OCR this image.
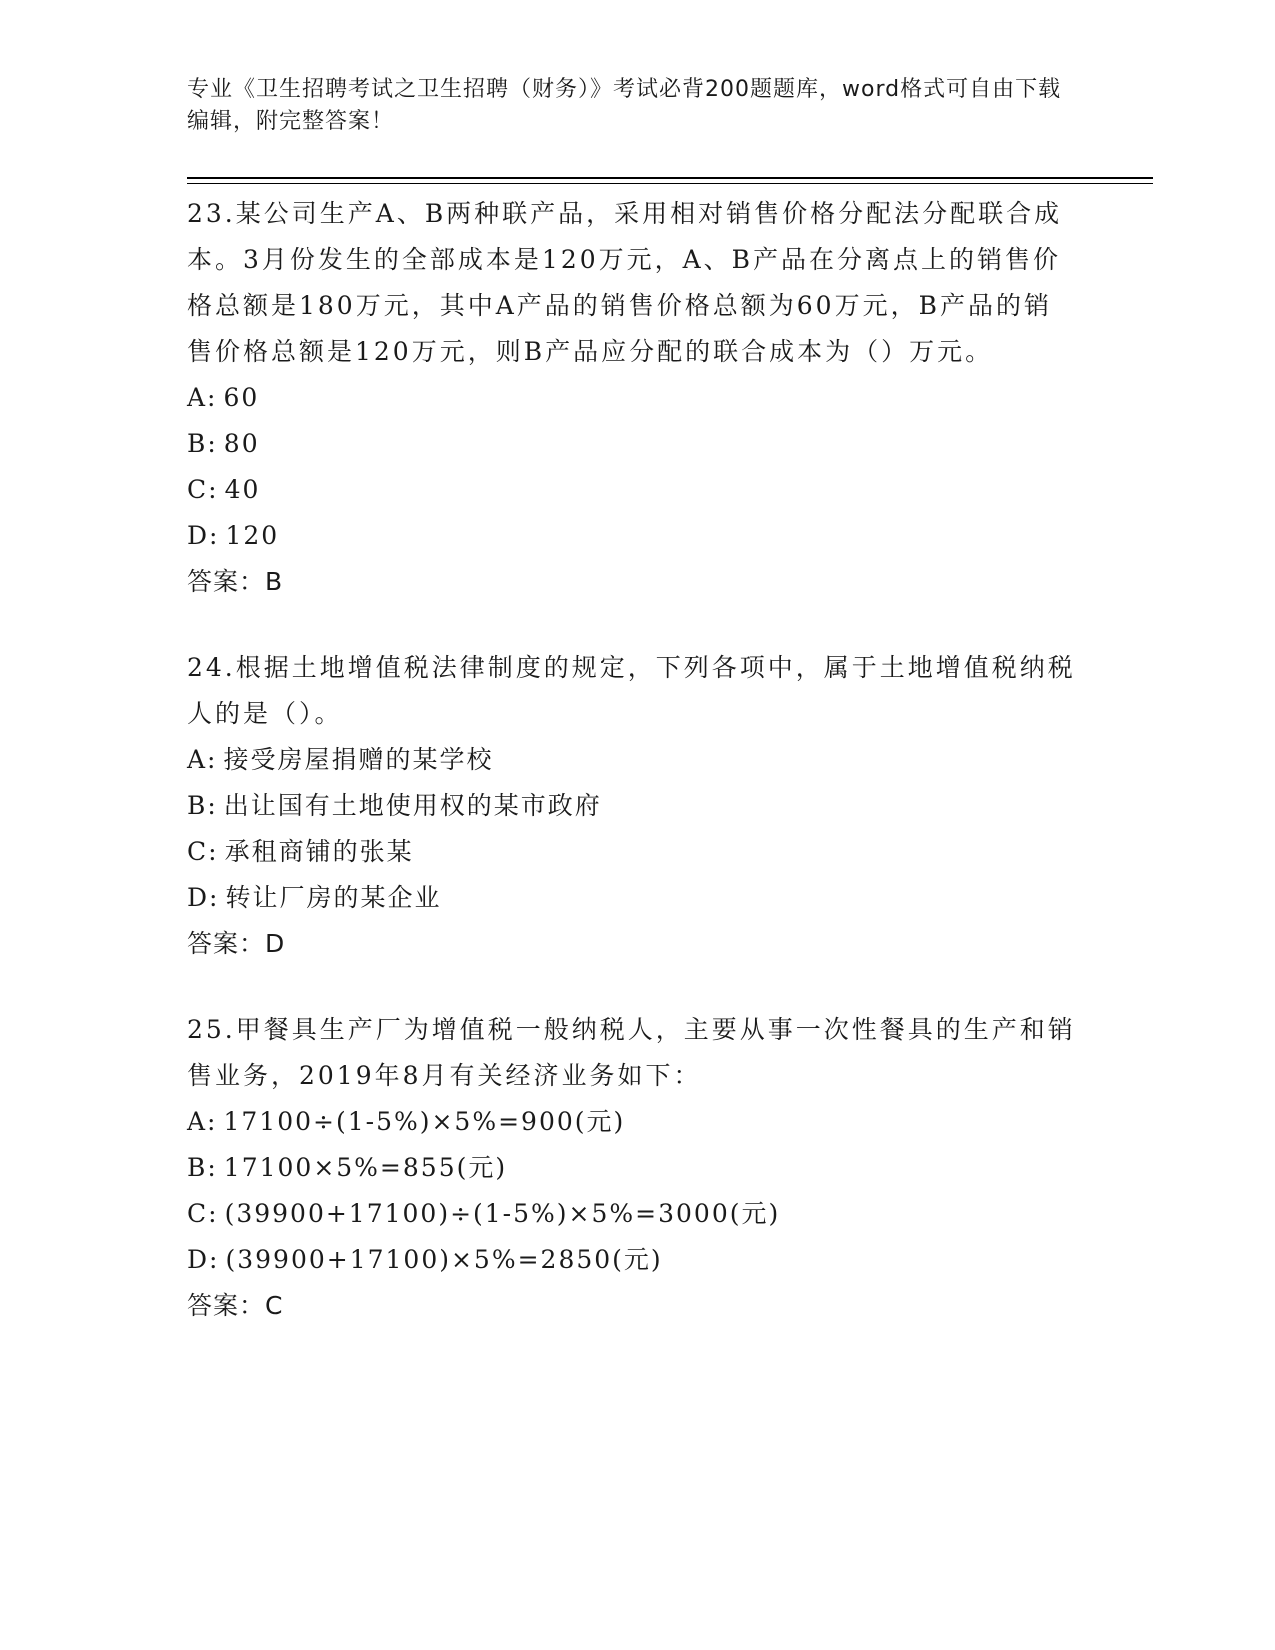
专业《卫生招聘考试之卫生招聘（财务）》考试必背200题题库，word格式可自由下载编辑，附完整答案！

23.某公司生产A、B两种联产品，采用相对销售价格分配法分配联合成本。3月份发生的全部成本是120万元，A、B产品在分离点上的销售价格总额是180万元，其中A产品的销售价格总额为60万元，B产品的销售价格总额是120万元，则B产品应分配的联合成本为（）万元。

A: 60

B: 80

C: 40

D: 120

答案：B

24.根据土地增值税法律制度的规定，下列各项中，属于土地增值税纳税人的是（）。

A: 接受房屋捐赠的某学校

B: 出让国有土地使用权的某市政府

C: 承租商铺的张某

D: 转让厂房的某企业

答案：D

25.甲餐具生产厂为增值税一般纳税人，主要从事一次性餐具的生产和销售业务，2019年8月有关经济业务如下：

A: 17100÷(1-5%)×5%=900(元)

B: 17100×5%=855(元)

C: (39900+17100)÷(1-5%)×5%=3000(元)

D: (39900+17100)×5%=2850(元)

答案：C
